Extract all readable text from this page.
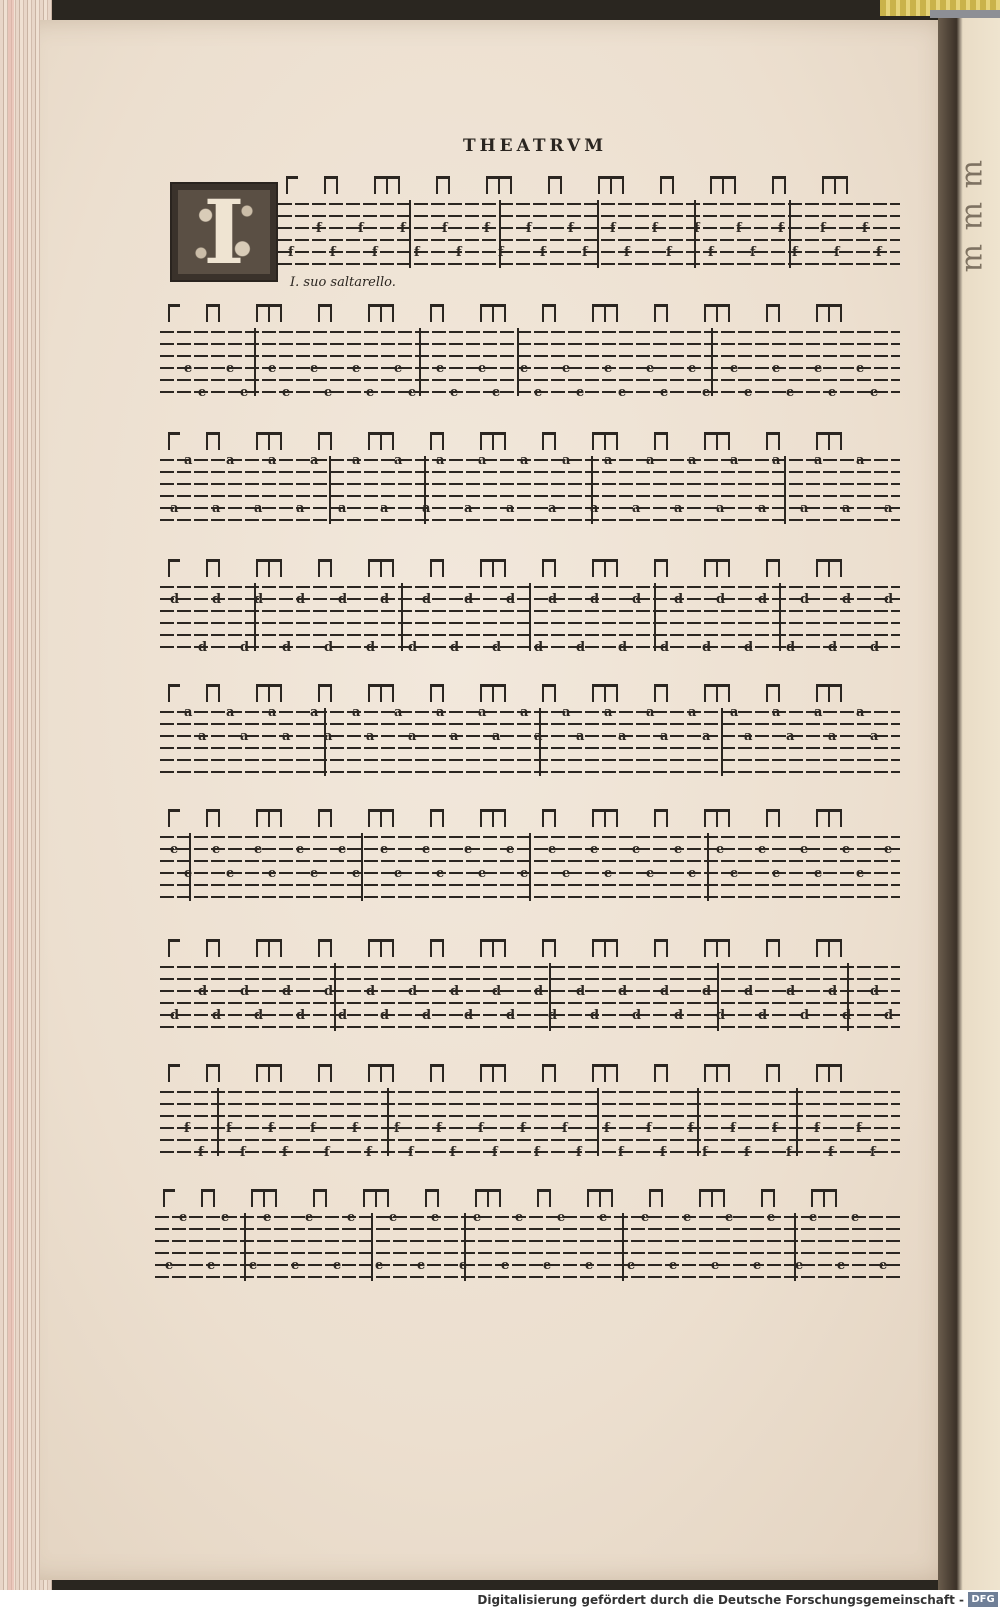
ɯ ɯ ɯ
THEATRVM
I	I. suo saltarello.
f
f
f
f
f
f
f
f
f
f
f
f
f
f
f
f
f
f
f
f
f
f
f
f
f
f
f
f
f
e
e
e
e
e
e
e
e
e
e
e
e
e
e
e
e
e
e
e
e
e
e
e
e
e
e
e
e
e
e
e
e
e
e
a
a
a
a
a
a
a
a
a
a
a
a
a
a
a
a
a
a
a
a
a
a
a
a
a
a
a
a
a
a
a
a
a
a
a
d
d
d
d
d
d
d
d
d
d
d
d
d
d
d
d
d
d
d
d
d
d
d
d
d
d
d
d
d
d
d
d
d
d
d
a
a
a
a
a
a
a
a
a
a
a
a
a
a
a
a
a
a
a
a
a
a
a
a
a
a
a
a
a
a
a
a
a
a
e
e
e
e
e
e
e
e
e
e
e
e
e
e
e
e
e
e
e
e
e
e
e
e
e
e
e
e
e
e
e
e
e
e
e
d
d
d
d
d
d
d
d
d
d
d
d
d
d
d
d
d
d
d
d
d
d
d
d
d
d
d
d
d
d
d
d
d
d
d
f
f
f
f
f
f
f
f
f
f
f
f
f
f
f
f
f
f
f
f
f
f
f
f
f
f
f
f
f
f
f
f
f
f
e
e
e
e
e
e
e
e
e
e
e
e
e
e
e
e
e
e
e
e
e
e
e
e
e
e
e
e
e
e
e
e
e
e
e
Digitalisierung gefördert durch die Deutsche Forschungsgemeinschaft - DFG
